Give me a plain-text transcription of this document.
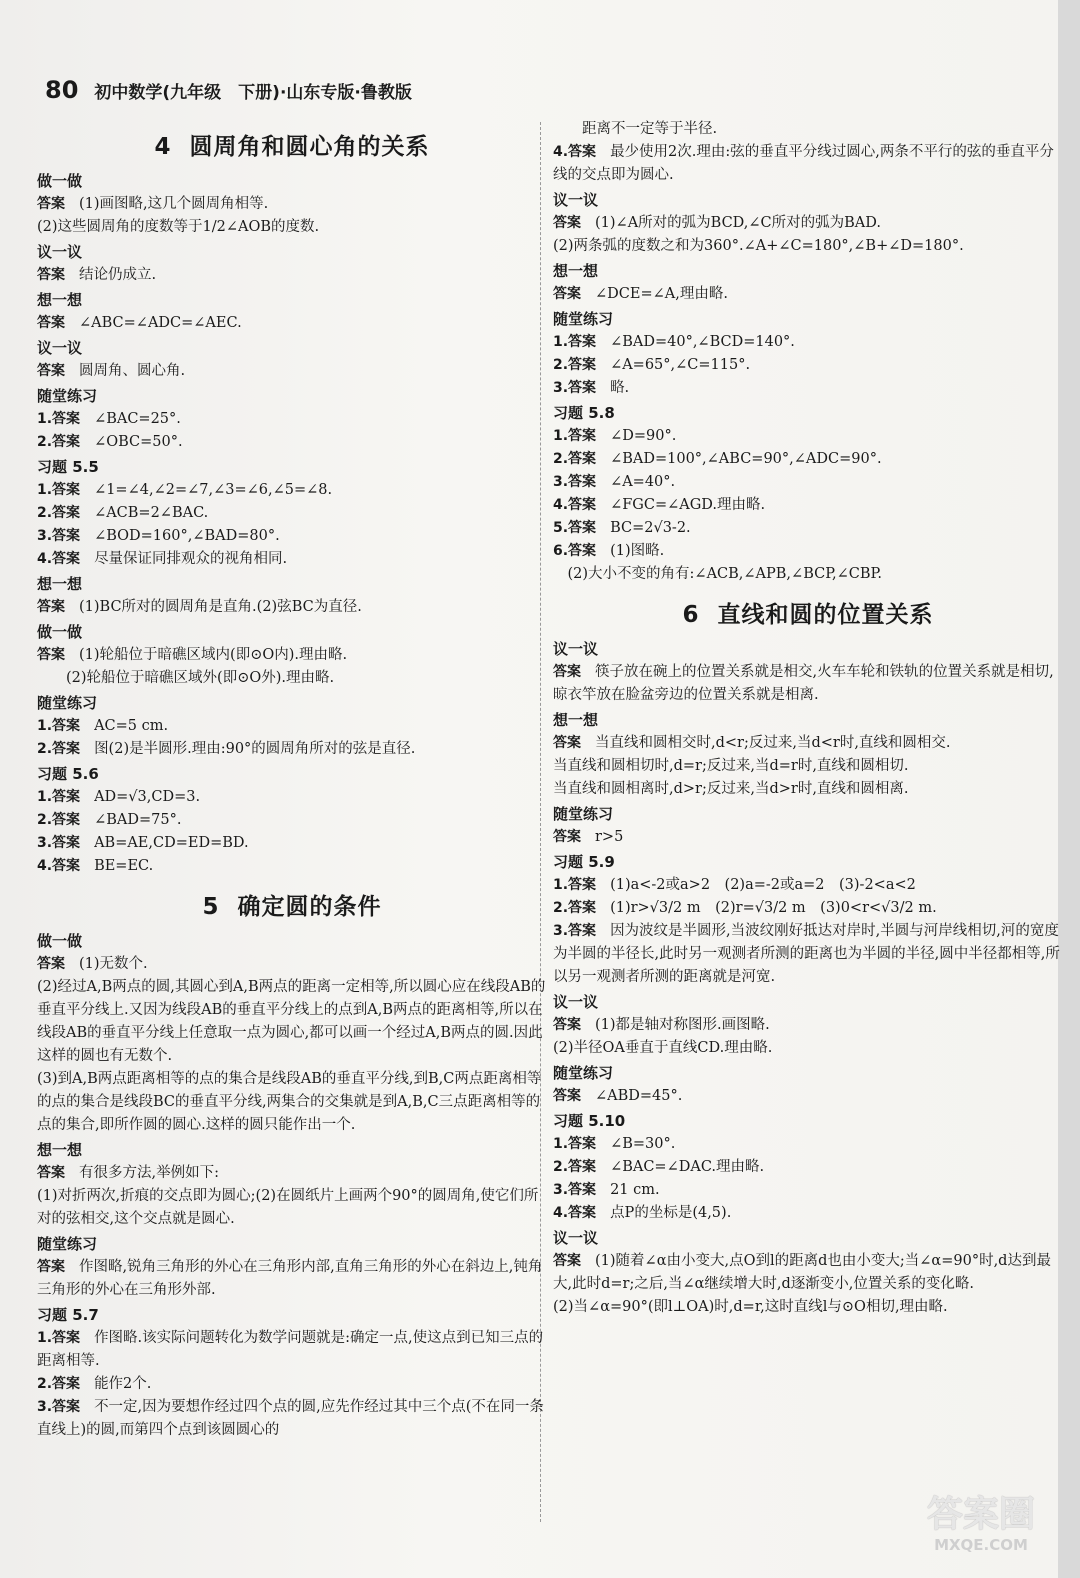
80 初中数学(九年级　下册)·山东专版·鲁教版
4 圆周角和圆心角的关系
做一做
答案 (1)画图略,这几个圆周角相等.
(2)这些圆周角的度数等于1/2∠AOB的度数.
议一议
答案 结论仍成立.
想一想
答案 ∠ABC=∠ADC=∠AEC.
议一议
答案 圆周角、圆心角.
随堂练习
1.答案 ∠BAC=25°.
2.答案 ∠OBC=50°.
习题 5.5
1.答案 ∠1=∠4,∠2=∠7,∠3=∠6,∠5=∠8.
2.答案 ∠ACB=2∠BAC.
3.答案 ∠BOD=160°,∠BAD=80°.
4.答案 尽量保证同排观众的视角相同.
想一想
答案 (1)BC所对的圆周角是直角.(2)弦BC为直径.
做一做
答案 (1)轮船位于暗礁区域内(即⊙O内).理由略.
　　(2)轮船位于暗礁区域外(即⊙O外).理由略.
随堂练习
1.答案 AC=5 cm.
2.答案 图(2)是半圆形.理由:90°的圆周角所对的弦是直径.
习题 5.6
1.答案 AD=√3,CD=3.
2.答案 ∠BAD=75°.
3.答案 AB=AE,CD=ED=BD.
4.答案 BE=EC.
5 确定圆的条件
做一做
答案 (1)无数个.
(2)经过A,B两点的圆,其圆心到A,B两点的距离一定相等,所以圆心应在线段AB的垂直平分线上.又因为线段AB的垂直平分线上的点到A,B两点的距离相等,所以在线段AB的垂直平分线上任意取一点为圆心,都可以画一个经过A,B两点的圆.因此这样的圆也有无数个.
(3)到A,B两点距离相等的点的集合是线段AB的垂直平分线,到B,C两点距离相等的点的集合是线段BC的垂直平分线,两集合的交集就是到A,B,C三点距离相等的点的集合,即所作圆的圆心.这样的圆只能作出一个.
想一想
答案 有很多方法,举例如下:
(1)对折两次,折痕的交点即为圆心;(2)在圆纸片上画两个90°的圆周角,使它们所对的弦相交,这个交点就是圆心.
随堂练习
答案 作图略,锐角三角形的外心在三角形内部,直角三角形的外心在斜边上,钝角三角形的外心在三角形外部.
习题 5.7
1.答案 作图略.该实际问题转化为数学问题就是:确定一点,使这点到已知三点的距离相等.
2.答案 能作2个.
3.答案 不一定,因为要想作经过四个点的圆,应先作经过其中三个点(不在同一条直线上)的圆,而第四个点到该圆圆心的
　　距离不一定等于半径.
4.答案 最少使用2次.理由:弦的垂直平分线过圆心,两条不平行的弦的垂直平分线的交点即为圆心.
议一议
答案 (1)∠A所对的弧为BCD,∠C所对的弧为BAD.
(2)两条弧的度数之和为360°.∠A+∠C=180°,∠B+∠D=180°.
想一想
答案 ∠DCE=∠A,理由略.
随堂练习
1.答案 ∠BAD=40°,∠BCD=140°.
2.答案 ∠A=65°,∠C=115°.
3.答案 略.
习题 5.8
1.答案 ∠D=90°.
2.答案 ∠BAD=100°,∠ABC=90°,∠ADC=90°.
3.答案 ∠A=40°.
4.答案 ∠FGC=∠AGD.理由略.
5.答案 BC=2√3-2.
6.答案 (1)图略.
　(2)大小不变的角有:∠ACB,∠APB,∠BCP,∠CBP.
6 直线和圆的位置关系
议一议
答案 筷子放在碗上的位置关系就是相交,火车车轮和铁轨的位置关系就是相切,晾衣竿放在脸盆旁边的位置关系就是相离.
想一想
答案 当直线和圆相交时,d<r;反过来,当d<r时,直线和圆相交.
当直线和圆相切时,d=r;反过来,当d=r时,直线和圆相切.
当直线和圆相离时,d>r;反过来,当d>r时,直线和圆相离.
随堂练习
答案 r>5
习题 5.9
1.答案 (1)a<-2或a>2　(2)a=-2或a=2　(3)-2<a<2
2.答案 (1)r>√3/2 m　(2)r=√3/2 m　(3)0<r<√3/2 m.
3.答案 因为波纹是半圆形,当波纹刚好抵达对岸时,半圆与河岸线相切,河的宽度为半圆的半径长,此时另一观测者所测的距离也为半圆的半径,圆中半径都相等,所以另一观测者所测的距离就是河宽.
议一议
答案 (1)都是轴对称图形.画图略.
(2)半径OA垂直于直线CD.理由略.
随堂练习
答案 ∠ABD=45°.
习题 5.10
1.答案 ∠B=30°.
2.答案 ∠BAC=∠DAC.理由略.
3.答案 21 cm.
4.答案 点P的坐标是(4,5).
议一议
答案 (1)随着∠α由小变大,点O到l的距离d也由小变大;当∠α=90°时,d达到最大,此时d=r;之后,当∠α继续增大时,d逐渐变小,位置关系的变化略.
(2)当∠α=90°(即l⊥OA)时,d=r,这时直线l与⊙O相切,理由略.
答案圈
MXQE.COM
